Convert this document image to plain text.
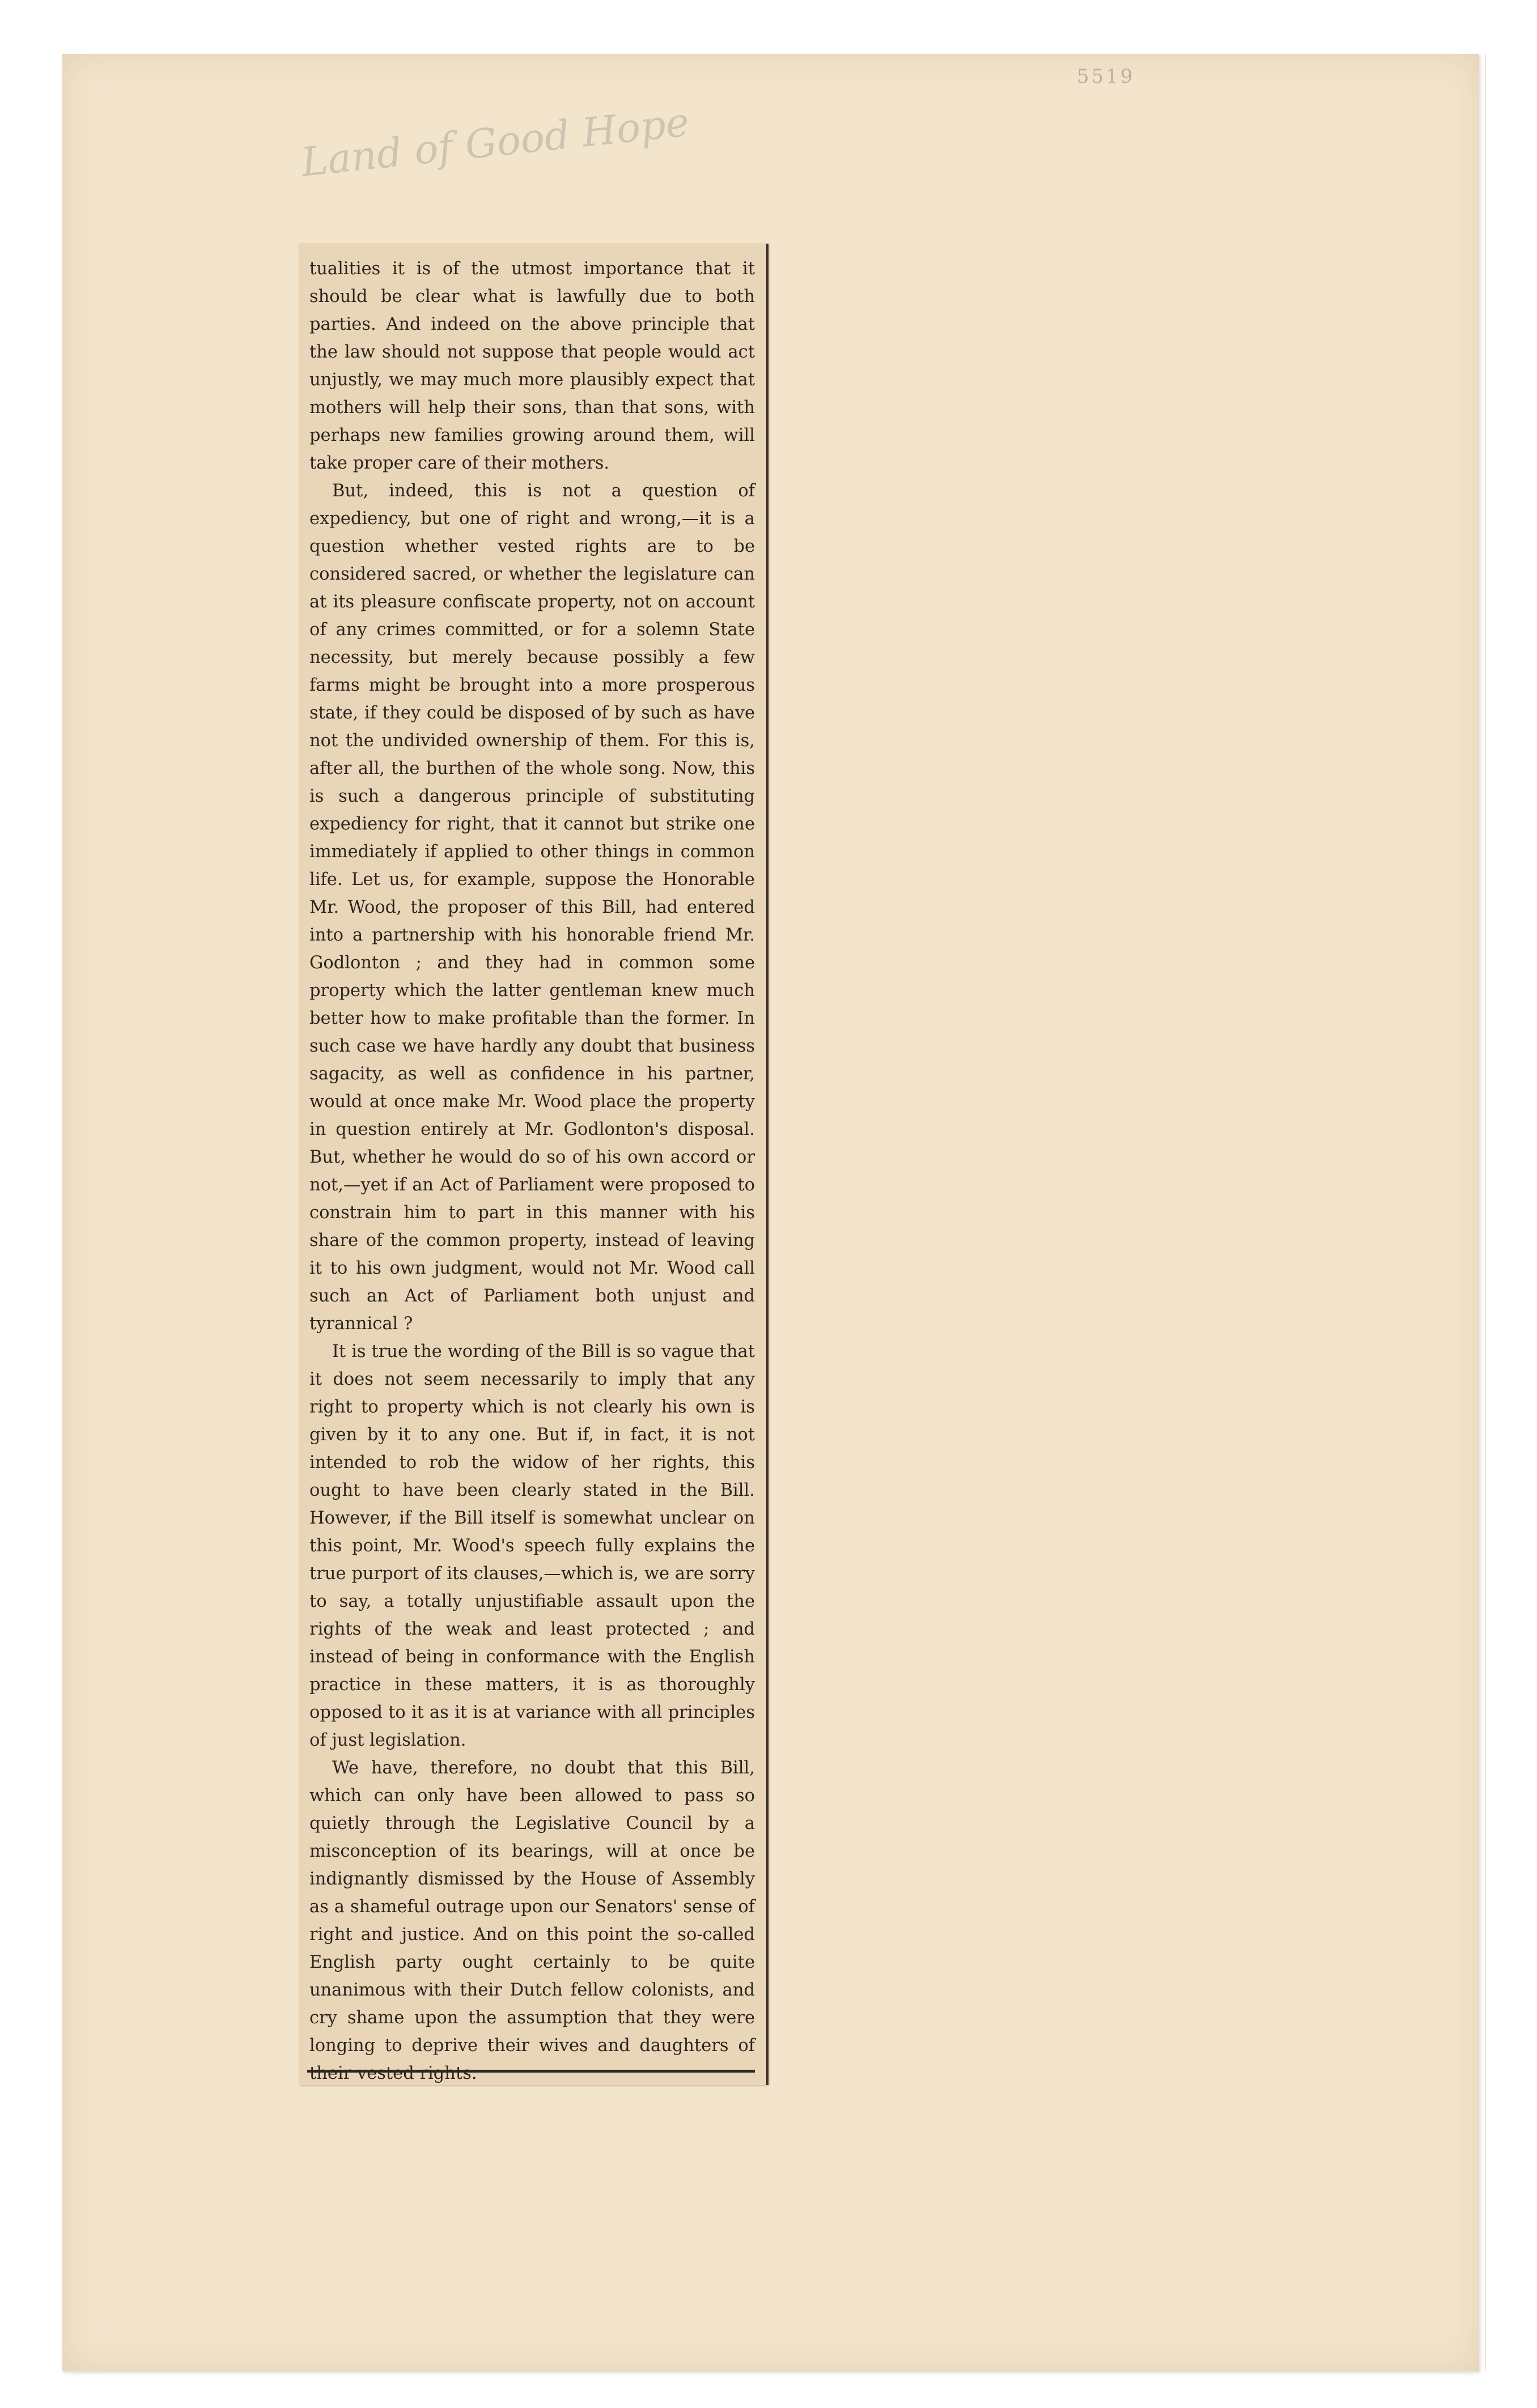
5519
Land of Good Hope

tualities it is of the utmost importance that it should be clear what is lawfully due to both parties. And indeed on the above principle that the law should not suppose that people would act unjustly, we may much more plausibly expect that mothers will help their sons, than that sons, with perhaps new families growing around them, will take proper care of their mothers.

But, indeed, this is not a question of expediency, but one of right and wrong,—it is a question whether vested rights are to be considered sacred, or whether the legislature can at its pleasure confiscate property, not on account of any crimes committed, or for a solemn State necessity, but merely because possibly a few farms might be brought into a more prosperous state, if they could be disposed of by such as have not the undivided ownership of them. For this is, after all, the burthen of the whole song. Now, this is such a dangerous principle of substituting expediency for right, that it cannot but strike one immediately if applied to other things in common life. Let us, for example, suppose the Honorable Mr. Wood, the proposer of this Bill, had entered into a partnership with his honorable friend Mr. Godlonton ; and they had in common some property which the latter gentleman knew much better how to make profitable than the former. In such case we have hardly any doubt that business sagacity, as well as confidence in his partner, would at once make Mr. Wood place the property in question entirely at Mr. Godlonton's disposal. But, whether he would do so of his own accord or not,—yet if an Act of Parliament were proposed to constrain him to part in this manner with his share of the common property, instead of leaving it to his own judgment, would not Mr. Wood call such an Act of Parliament both unjust and tyrannical ?

It is true the wording of the Bill is so vague that it does not seem necessarily to imply that any right to property which is not clearly his own is given by it to any one. But if, in fact, it is not intended to rob the widow of her rights, this ought to have been clearly stated in the Bill. However, if the Bill itself is somewhat unclear on this point, Mr. Wood's speech fully explains the true purport of its clauses,—which is, we are sorry to say, a totally unjustifiable assault upon the rights of the weak and least protected ; and instead of being in conformance with the English practice in these matters, it is as thoroughly opposed to it as it is at variance with all principles of just legislation.

We have, therefore, no doubt that this Bill, which can only have been allowed to pass so quietly through the Legislative Council by a misconception of its bearings, will at once be indignantly dismissed by the House of Assembly as a shameful outrage upon our Senators' sense of right and justice. And on this point the so-called English party ought certainly to be quite unanimous with their Dutch fellow colonists, and cry shame upon the assumption that they were longing to deprive their wives and daughters of their vested rights.
